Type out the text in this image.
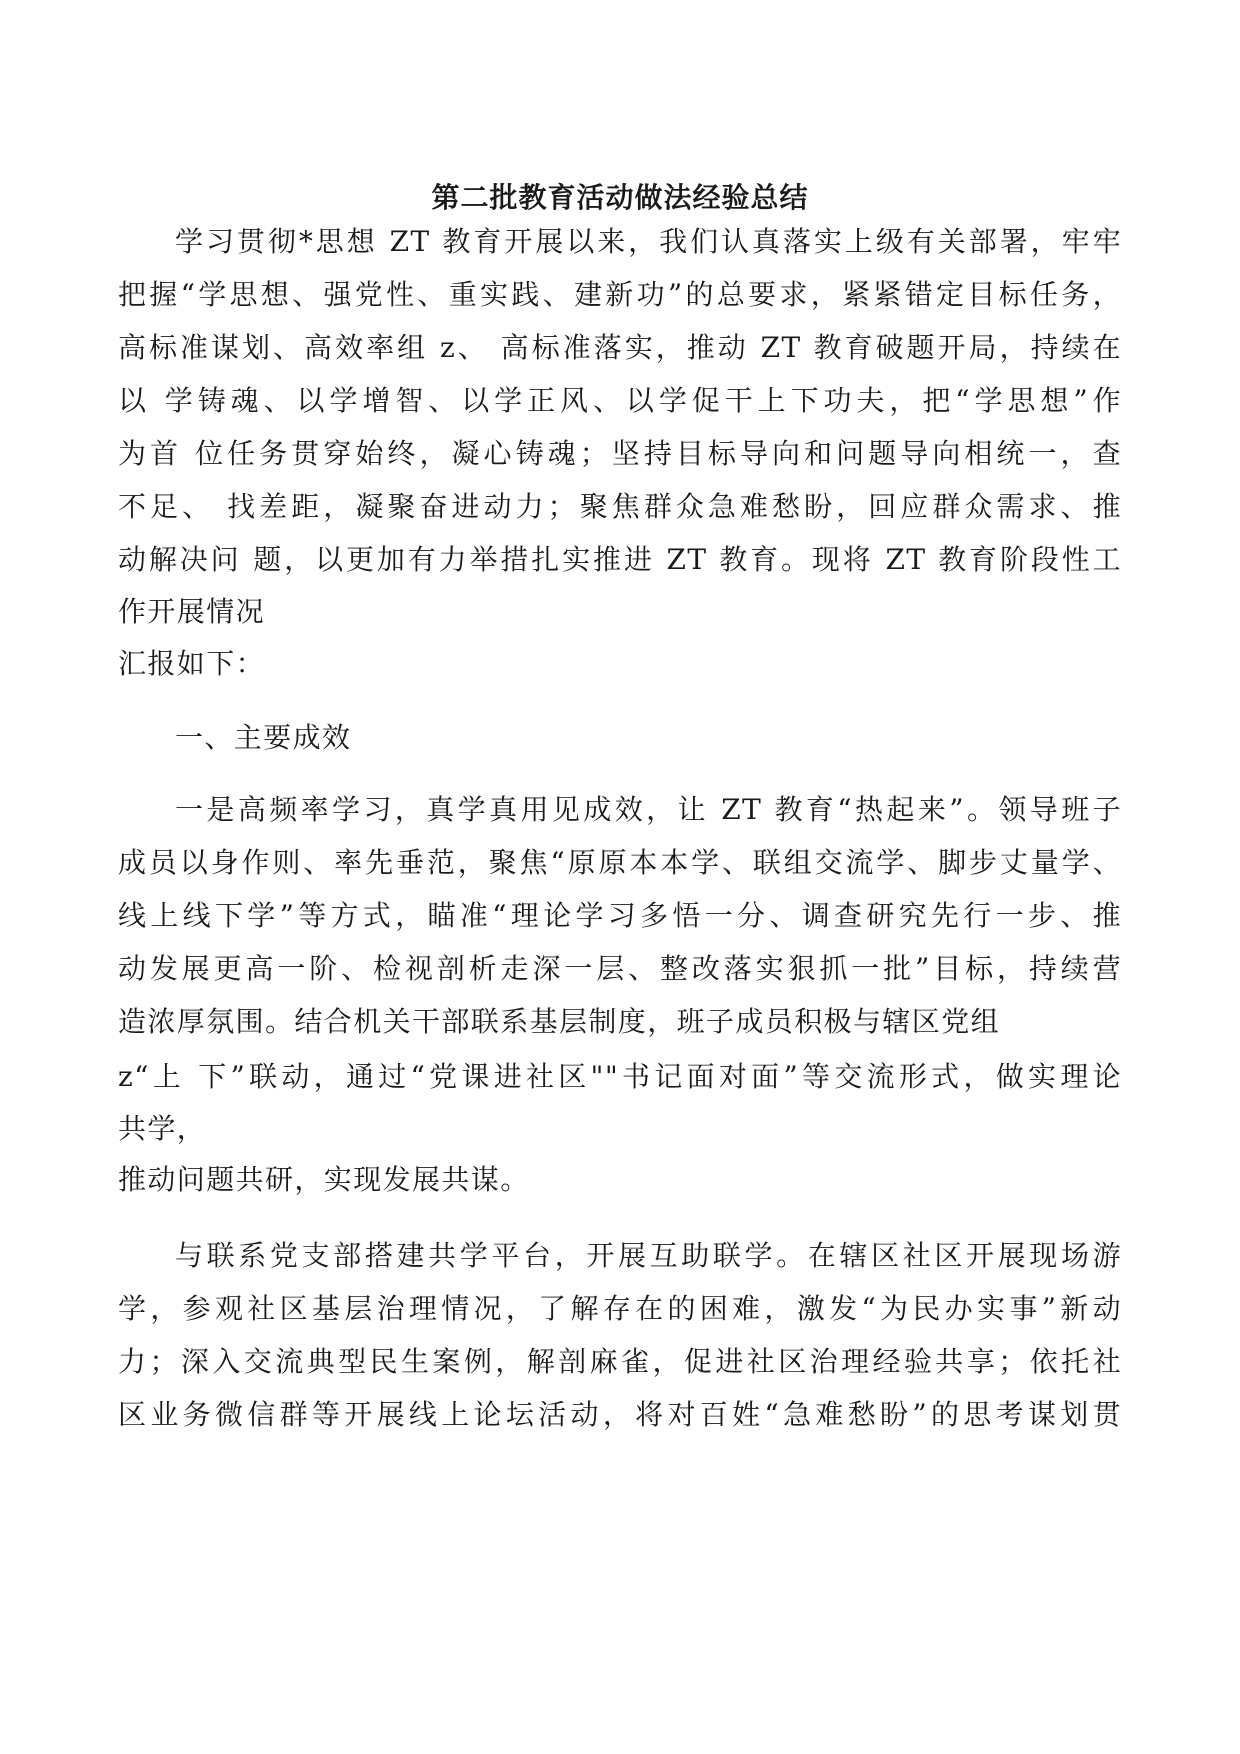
第二批教育活动做法经验总结
学习贯彻*思想 ZT 教育开展以来，我们认真落实上级有关部署，牢牢
把握“学思想、强党性、重实践、建新功”的总要求，紧紧错定目标任务，
高标准谋划、高效率组 z、 高标准落实，推动 ZT 教育破题开局，持续在
以 学铸魂、以学增智、以学正风、以学促干上下功夫，把“学思想”作
为首 位任务贯穿始终，凝心铸魂；坚持目标导向和问题导向相统一，查
不足、 找差距，凝聚奋进动力；聚焦群众急难愁盼，回应群众需求、推
动解决问 题，以更加有力举措扎实推进 ZT 教育。现将 ZT 教育阶段性工
作开展情况
汇报如下：
一、主要成效
一是高频率学习，真学真用见成效，让 ZT 教育“热起来”。领导班子
成员以身作则、率先垂范，聚焦“原原本本学、联组交流学、脚步丈量学、
线上线下学”等方式，瞄准“理论学习多悟一分、调查研究先行一步、推
动发展更高一阶、检视剖析走深一层、整改落实狠抓一批”目标，持续营
造浓厚氛围。结合机关干部联系基层制度，班子成员积极与辖区党组
z“上 下”联动，通过“党课进社区""书记面对面”等交流形式，做实理论
共学，
推动问题共研，实现发展共谋。
与联系党支部搭建共学平台，开展互助联学。在辖区社区开展现场游
学，参观社区基层治理情况，了解存在的困难，激发“为民办实事”新动
力；深入交流典型民生案例，解剖麻雀，促进社区治理经验共享；依托社
区业务微信群等开展线上论坛活动，将对百姓“急难愁盼”的思考谋划贯
